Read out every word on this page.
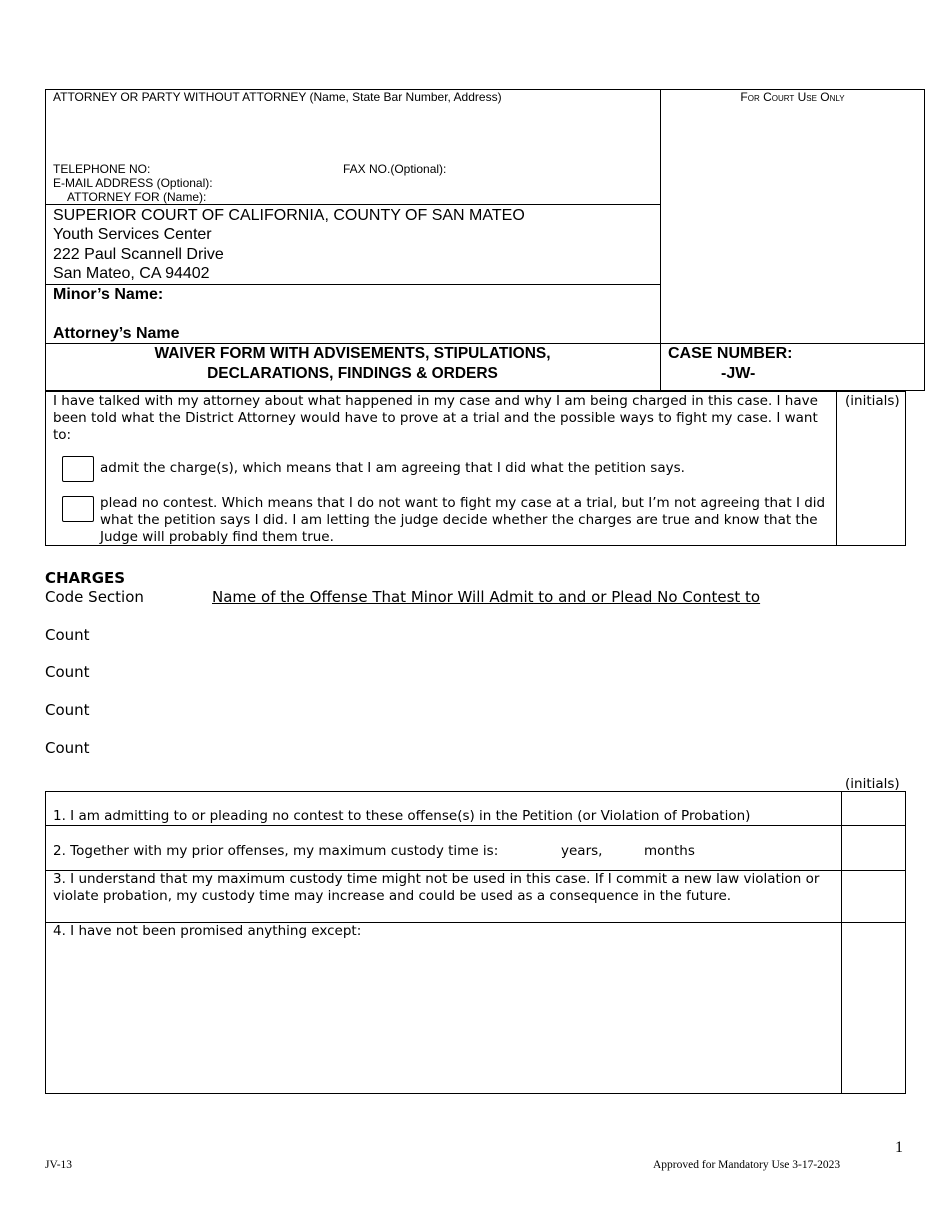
ATTORNEY OR PARTY WITHOUT ATTORNEY (Name, State Bar Number, Address)	For Court Use Only
TELEPHONE NO:	FAX NO.(Optional):
E-MAIL ADDRESS (Optional):
ATTORNEY FOR (Name):
SUPERIOR COURT OF CALIFORNIA, COUNTY OF SAN MATEO
Youth Services Center
222 Paul Scannell Drive
San Mateo, CA 94402
Minor’s Name:
Attorney’s Name
WAIVER FORM WITH ADVISEMENTS, STIPULATIONS,
DECLARATIONS, FINDINGS & ORDERS
CASE NUMBER:
-JW-
I have talked with my attorney about what happened in my case and why I am being charged in this case. I have been told what the District Attorney would have to prove at a trial and the possible ways to fight my case. I want to:
(initials)
admit the charge(s), which means that I am agreeing that I did what the petition says.
plead no contest. Which means that I do not want to fight my case at a trial, but I’m not agreeing that I did what the petition says I did. I am letting the judge decide whether the charges are true and know that the Judge will probably find them true.
CHARGES
Code Section	Name of the Offense That Minor Will Admit to and or Plead No Contest to
Count
Count
Count
Count
(initials)
1. I am admitting to or pleading no contest to these offense(s) in the Petition (or Violation of Probation)
2. Together with my prior offenses, my maximum custody time is:	years,	months
3. I understand that my maximum custody time might not be used in this case. If I commit a new law violation or violate probation, my custody time may increase and could be used as a consequence in the future.
4. I have not been promised anything except:
1
JV-13	Approved for Mandatory Use 3-17-2023
